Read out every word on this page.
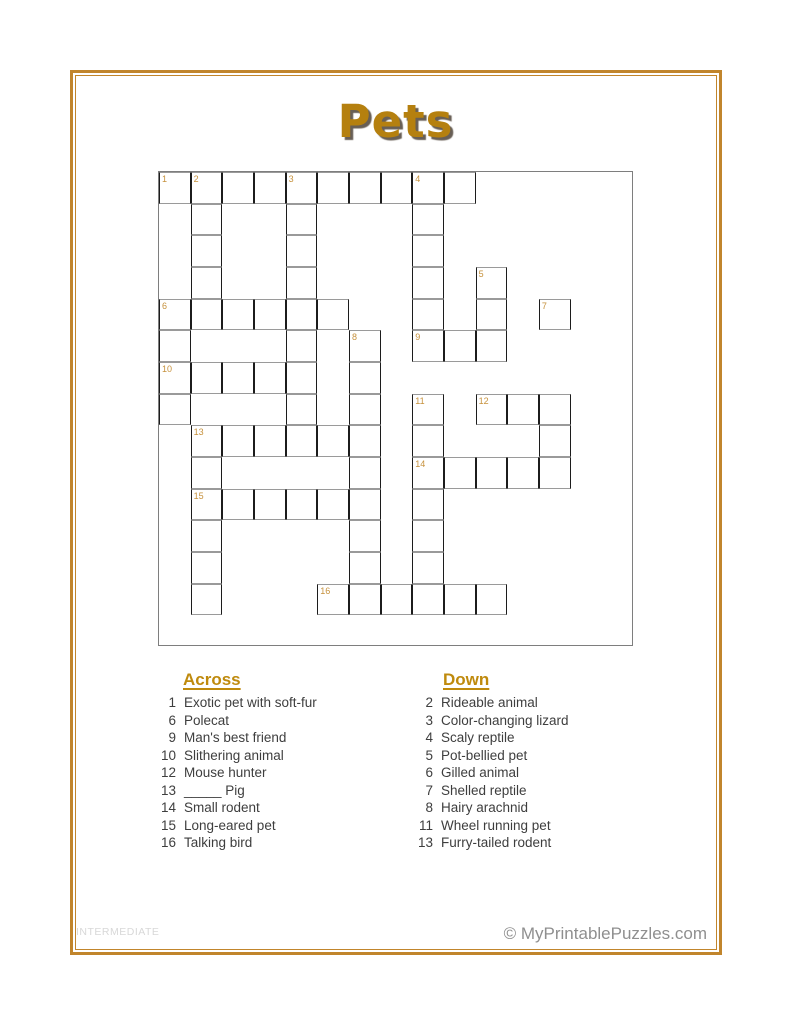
Pets
1	2	3	4
5
6	7
8	9
10
11	12
13
14
15
16
Across
1 Exotic pet with soft-fur
6 Polecat
9 Man's best friend
10 Slithering animal
12 Mouse hunter
13 _____ Pig
14 Small rodent
15 Long-eared pet
16 Talking bird
Down
2 Rideable animal
3 Color-changing lizard
4 Scaly reptile
5 Pot-bellied pet
6 Gilled animal
7 Shelled reptile
8 Hairy arachnid
11 Wheel running pet
13 Furry-tailed rodent
INTERMEDIATE	© MyPrintablePuzzles.com
